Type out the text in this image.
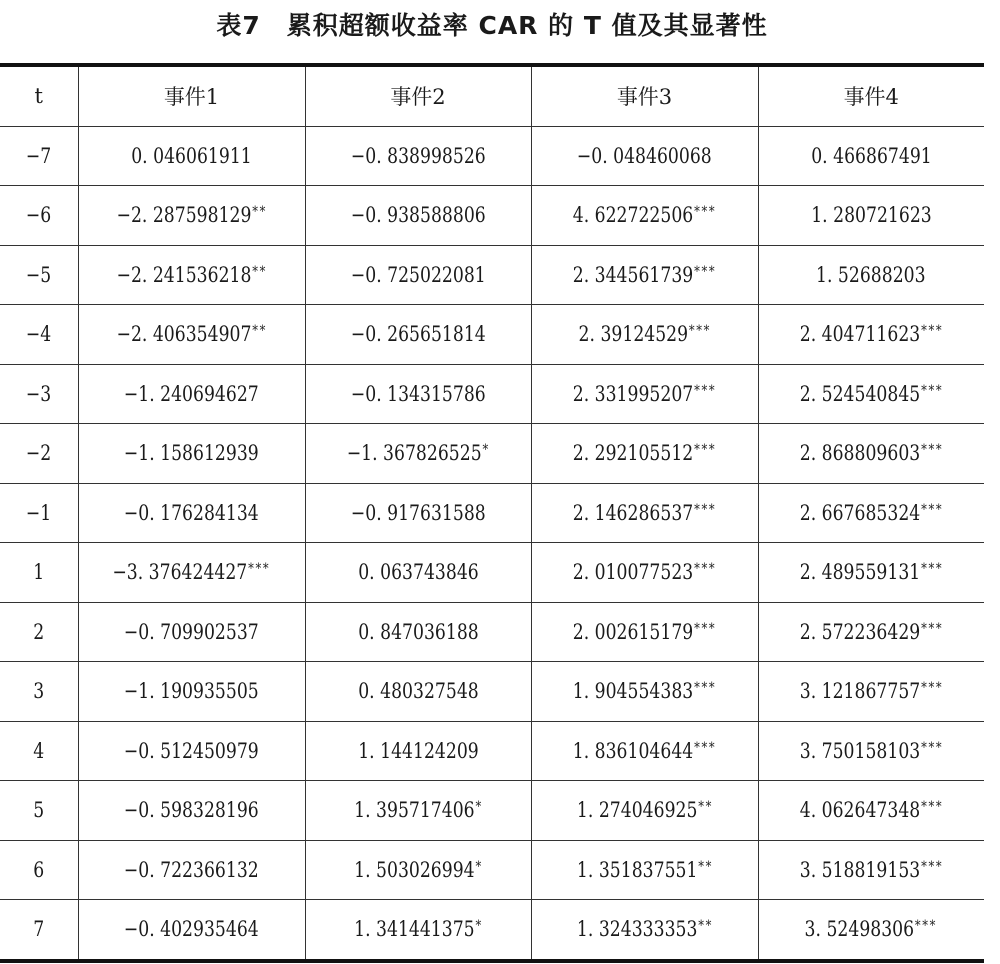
表7　累积超额收益率 CAR 的 T 值及其显著性
t	事件1	事件2	事件3	事件4
−7	0. 046061911	−0. 838998526	−0. 048460068	0. 466867491
−6	−2. 287598129**	−0. 938588806	4. 622722506***	1. 280721623
−5	−2. 241536218**	−0. 725022081	2. 344561739***	1. 52688203
−4	−2. 406354907**	−0. 265651814	2. 39124529***	2. 404711623***
−3	−1. 240694627	−0. 134315786	2. 331995207***	2. 524540845***
−2	−1. 158612939	−1. 367826525*	2. 292105512***	2. 868809603***
−1	−0. 176284134	−0. 917631588	2. 146286537***	2. 667685324***
1	−3. 376424427***	0. 063743846	2. 010077523***	2. 489559131***
2	−0. 709902537	0. 847036188	2. 002615179***	2. 572236429***
3	−1. 190935505	0. 480327548	1. 904554383***	3. 121867757***
4	−0. 512450979	1. 144124209	1. 836104644***	3. 750158103***
5	−0. 598328196	1. 395717406*	1. 274046925**	4. 062647348***
6	−0. 722366132	1. 503026994*	1. 351837551**	3. 518819153***
7	−0. 402935464	1. 341441375*	1. 324333353**	3. 52498306***
